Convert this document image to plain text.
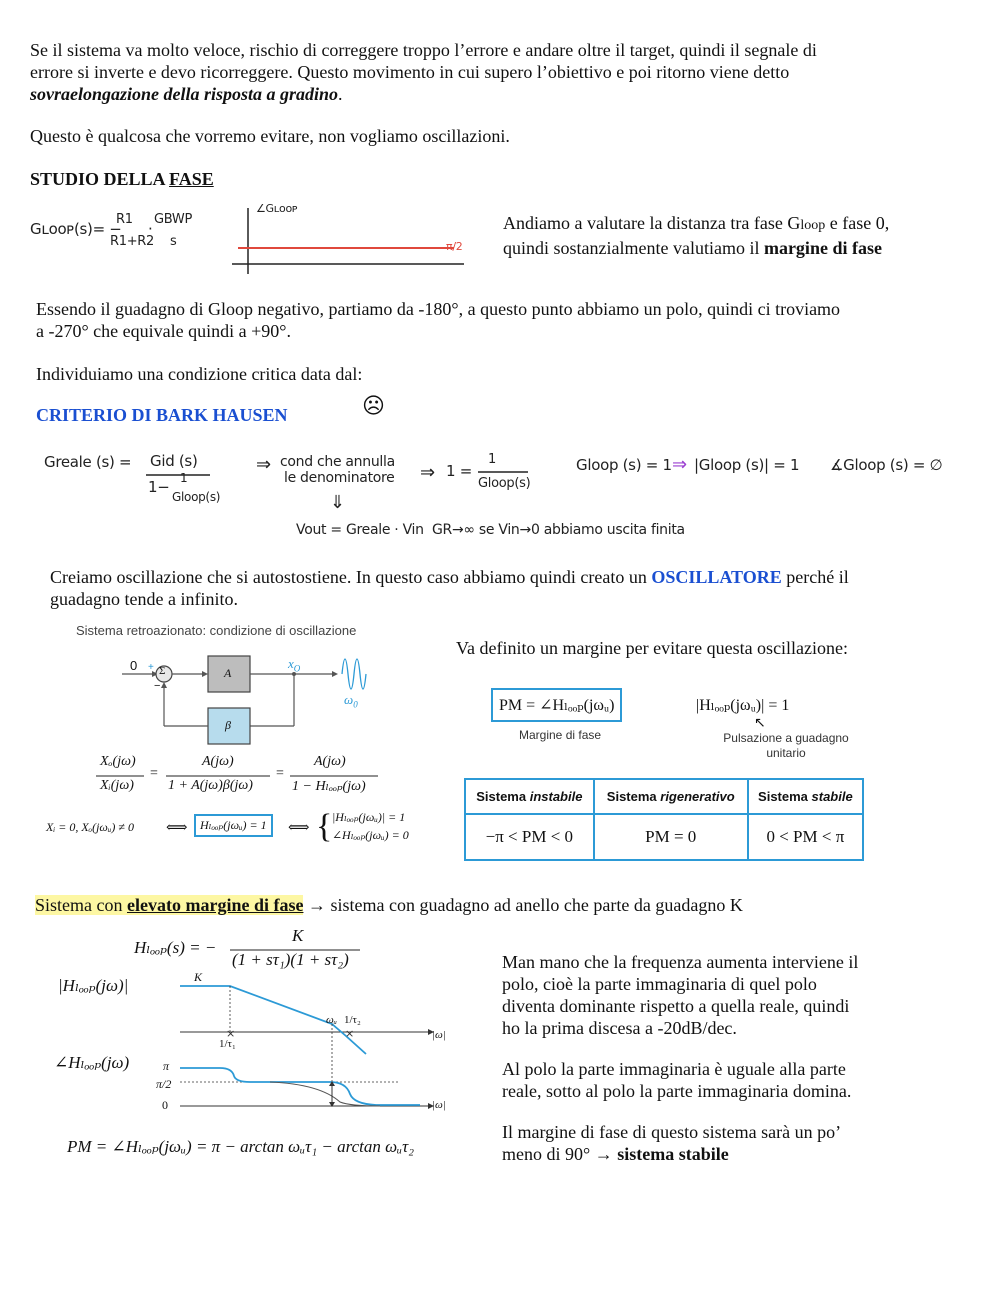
Se il sistema va molto veloce, rischio di correggere troppo l’errore e andare oltre il target, quindi il segnale di
errore si inverte e devo ricorreggere. Questo movimento in cui supero l’obiettivo e poi ritorno viene detto
sovraelongazione della risposta a gradino.
Questo è qualcosa che vorremo evitare, non vogliamo oscillazioni.
STUDIO DELLA FASE
Gʟᴏᴏᴘ(s)= −
R1
R1+R2
·
GBWP
s
∠Gʟᴏᴏᴘ
π/2
Andiamo a valutare la distanza tra fase Gloop e fase 0,
quindi sostanzialmente valutiamo il margine di fase
Essendo il guadagno di Gloop negativo, partiamo da -180°, a questo punto abbiamo un polo, quindi ci troviamo
a -270° che equivale quindi a +90°.
Individuiamo una condizione critica data dal:
CRITERIO DI BARK HAUSEN	☹
Greale (s) = Gid (s)
1− 1
Gloop(s)
⇒ cond che annulla
le denominatore ⇒ 1 =
1
Gloop(s)
Gloop (s) = 1 ⇒ |Gloop (s)| = 1 ∡Gloop (s) = ∅
⇓
Vout = Greale · Vin GR→∞ se Vin→0 abbiamo uscita finita
Creiamo oscillazione che si autostostiene. In questo caso abbiamo quindi creato un OSCILLATORE perché il
guadagno tende a infinito.
Sistema retroazionato: condizione di oscillazione
0 +
−
Σ	A
β
$x_O$
$\omega_0$
Xₒ(jω)
Xᵢ(jω)
=
A(jω)
1 + A(jω)β(jω)
=
A(jω)
1 − Hₗₒₒₚ(jω)
Xᵢ = 0, Xₒ(jωᵤ) ≠ 0 ⟺	Hₗₒₒₚ(jωᵤ) = 1	⟺ { |Hₗₒₒₚ(jωᵤ)| = 1
∠Hₗₒₒₚ(jωᵤ) = 0
Va definito un margine per evitare questa oscillazione:
PM = ∠Hₗₒₒₚ(jωᵤ)
Margine di fase
|Hₗₒₒₚ(jωᵤ)| = 1
↖
Pulsazione a guadagno
unitario
Sistema instabile	Sistema rigenerativo	Sistema stabile
−π < PM < 0	PM = 0	0 < PM < π
Sistema con elevato margine di fase → sistema con guadagno ad anello che parte da guadagno K
Hₗₒₒₚ(s) = −
K
(1 + sτ₁)(1 + sτ₂)
×	×
|Hₗₒₒₚ(jω)|	K
ωᵤ 1/τ₂
1/τ₁
|ω|
∠Hₗₒₒₚ(jω)	π
π/2
0	|ω|
PM = ∠Hₗₒₒₚ(jωᵤ) = π − arctan ωᵤτ₁ − arctan ωᵤτ₂
Man mano che la frequenza aumenta interviene il
polo, cioè la parte immaginaria di quel polo
diventa dominante rispetto a quella reale, quindi
ho la prima discesa a -20dB/dec.
Al polo la parte immaginaria è uguale alla parte
reale, sotto al polo la parte immaginaria domina.
Il margine di fase di questo sistema sarà un po’
meno di 90° → sistema stabile
